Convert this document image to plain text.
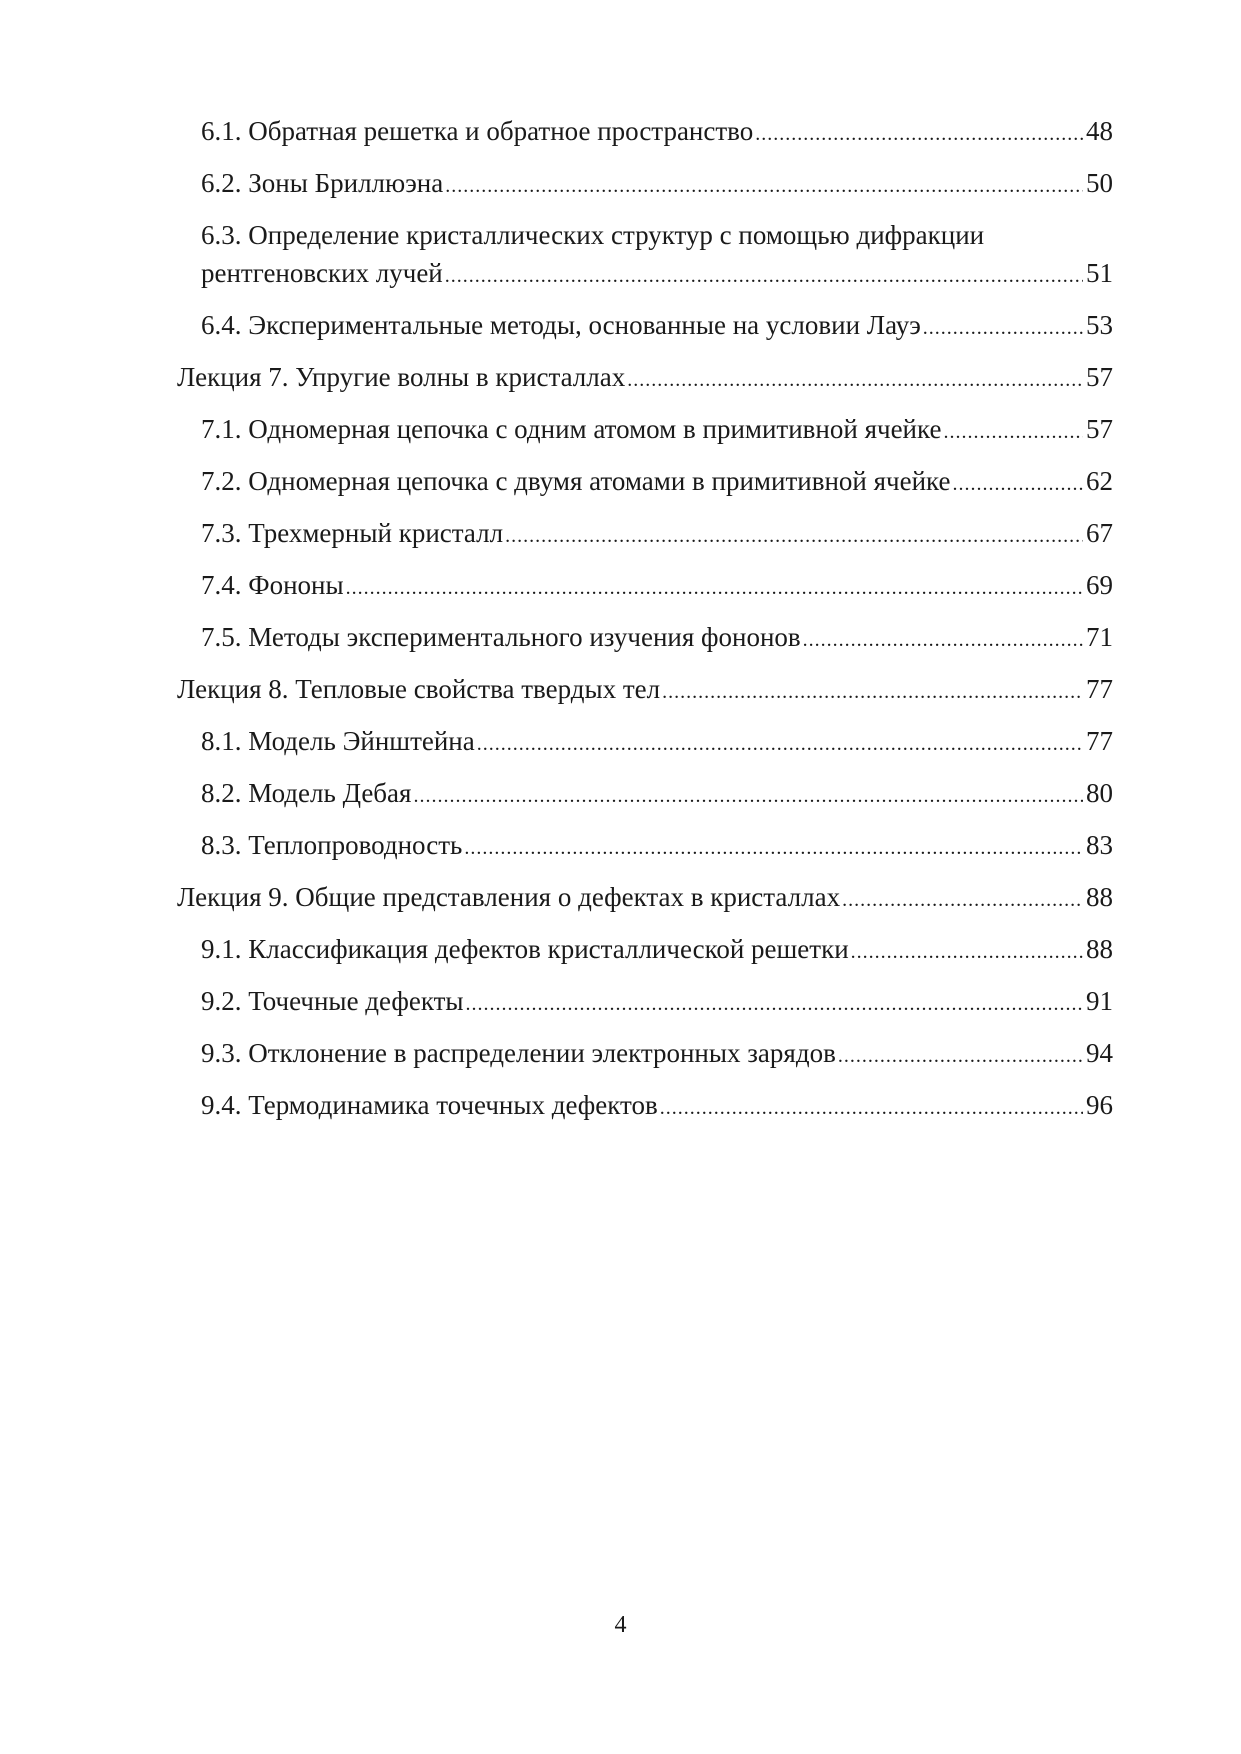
6.1. Обратная решетка и обратное пространство .....	48
6.2. Зоны Бриллюэна .....	50
6.3. Определение кристаллических структур с помощью дифракции
рентгеновских лучей .....	51
6.4. Экспериментальные методы, основанные на условии Лауэ .....	53
Лекция 7. Упругие волны в кристаллах .....	57
7.1. Одномерная цепочка с одним атомом в примитивной ячейке .....	57
7.2. Одномерная цепочка с двумя атомами в примитивной ячейке .....	62
7.3. Трехмерный кристалл .....	67
7.4. Фононы .....	69
7.5. Методы экспериментального изучения фононов .....	71
Лекция 8. Тепловые свойства твердых тел .....	77
8.1. Модель Эйнштейна .....	77
8.2. Модель Дебая .....	80
8.3. Теплопроводность .....	83
Лекция 9. Общие представления о дефектах в кристаллах .....	88
9.1. Классификация дефектов кристаллической решетки .....	88
9.2. Точечные дефекты .....	91
9.3. Отклонение в распределении электронных зарядов .....	94
9.4. Термодинамика точечных дефектов .....	96
4
